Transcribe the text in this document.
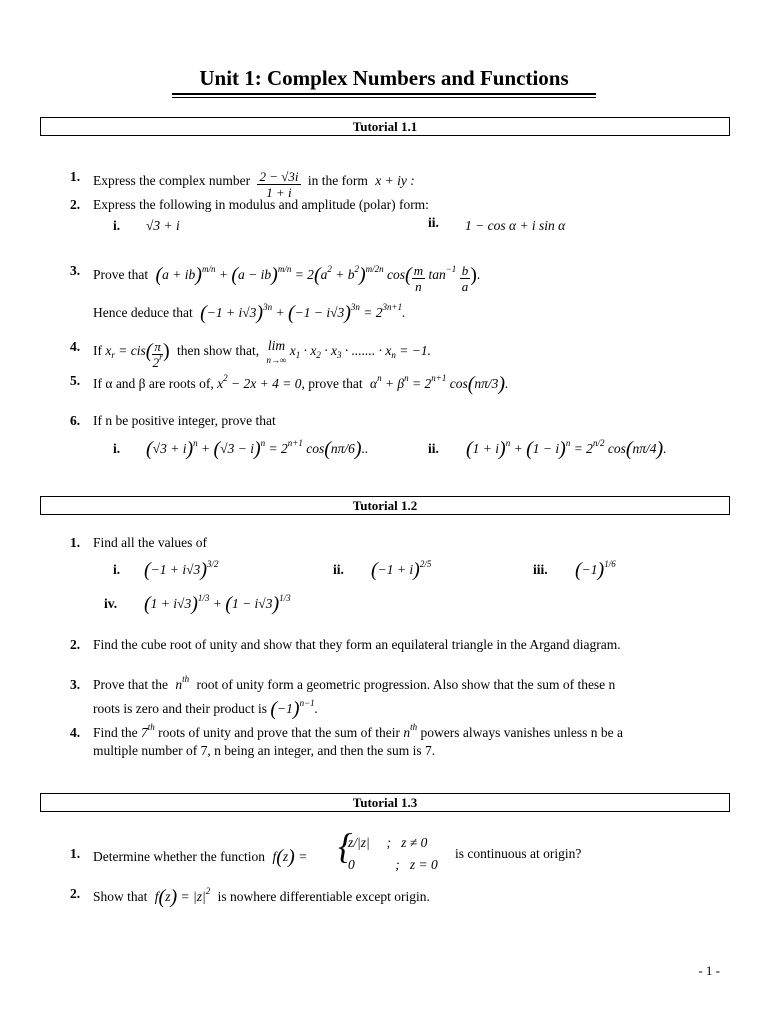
Unit 1: Complex Numbers and Functions
Tutorial 1.1
1. Express the complex number $\frac{2 - √3i}{1 + i}$ in the form x + iy :
2. Express the following in modulus and amplitude (polar) form:
i. √3 + i	ii. 1 − cos α + i sin α
3. Prove that $(a + ib)^{m/n} + (a - ib)^{m/n} = 2(a^2 + b^2)^{m/2n}$ $\cos( \frac{m}{n} \tan^{-1} \frac{b}{a}$ ).
Hence deduce that $(-1 + i√3)^{3n} + (-1 - i√3)^{3n} = 2^{3n+1}$.
4. If $x_r = cis( \frac{\pi}{2^r}$ ) then show that, lim
n→∞ $x_1 \cdot x_2 \cdot x_3$ · ....... · $x_n = -1$.
5. If α and β are roots of, $x^2 - 2x + 4 = 0$, prove that $\alpha^n + \beta^n = 2^{n+1}$ cos(nπ/3).
6. If n be positive integer, prove that
i. $(√3 + i)^n + (√3 - i)^n = 2^{n+1}$ cos(nπ/6)..	ii. $(1 + i)^n + (1 - i)^n = 2^{n/2}$ cos(nπ/4).
Tutorial 1.2
1. Find all the values of
i. $(-1 + i√3)^{3/2}$	ii. $(-1 + i)^{2/5}$	iii. $(-1)^{1/6}$
iv. $(1 + i√3)^{1/3} + (1 - i√3)^{1/3}$
2. Find the cube root of unity and show that they form an equilateral triangle in the Argand diagram.
3. Prove that the $n^{th}$ root of unity form a geometric progression. Also show that the sum of these n
roots is zero and their product is $(-1)^{n-1}$.
4. Find the 7th roots of unity and prove that the sum of their $n^{th}$ powers always vanishes unless n be a
multiple number of 7, n being an integer, and then the sum is 7.
Tutorial 1.3
1. Determine whether the function f(z) = {
z/|z|     ;   z ≠ 0
0            ;   z = 0
is continuous at origin?
2. Show that $f(z) = |z|^2$ is nowhere differentiable except origin.
- 1 -
